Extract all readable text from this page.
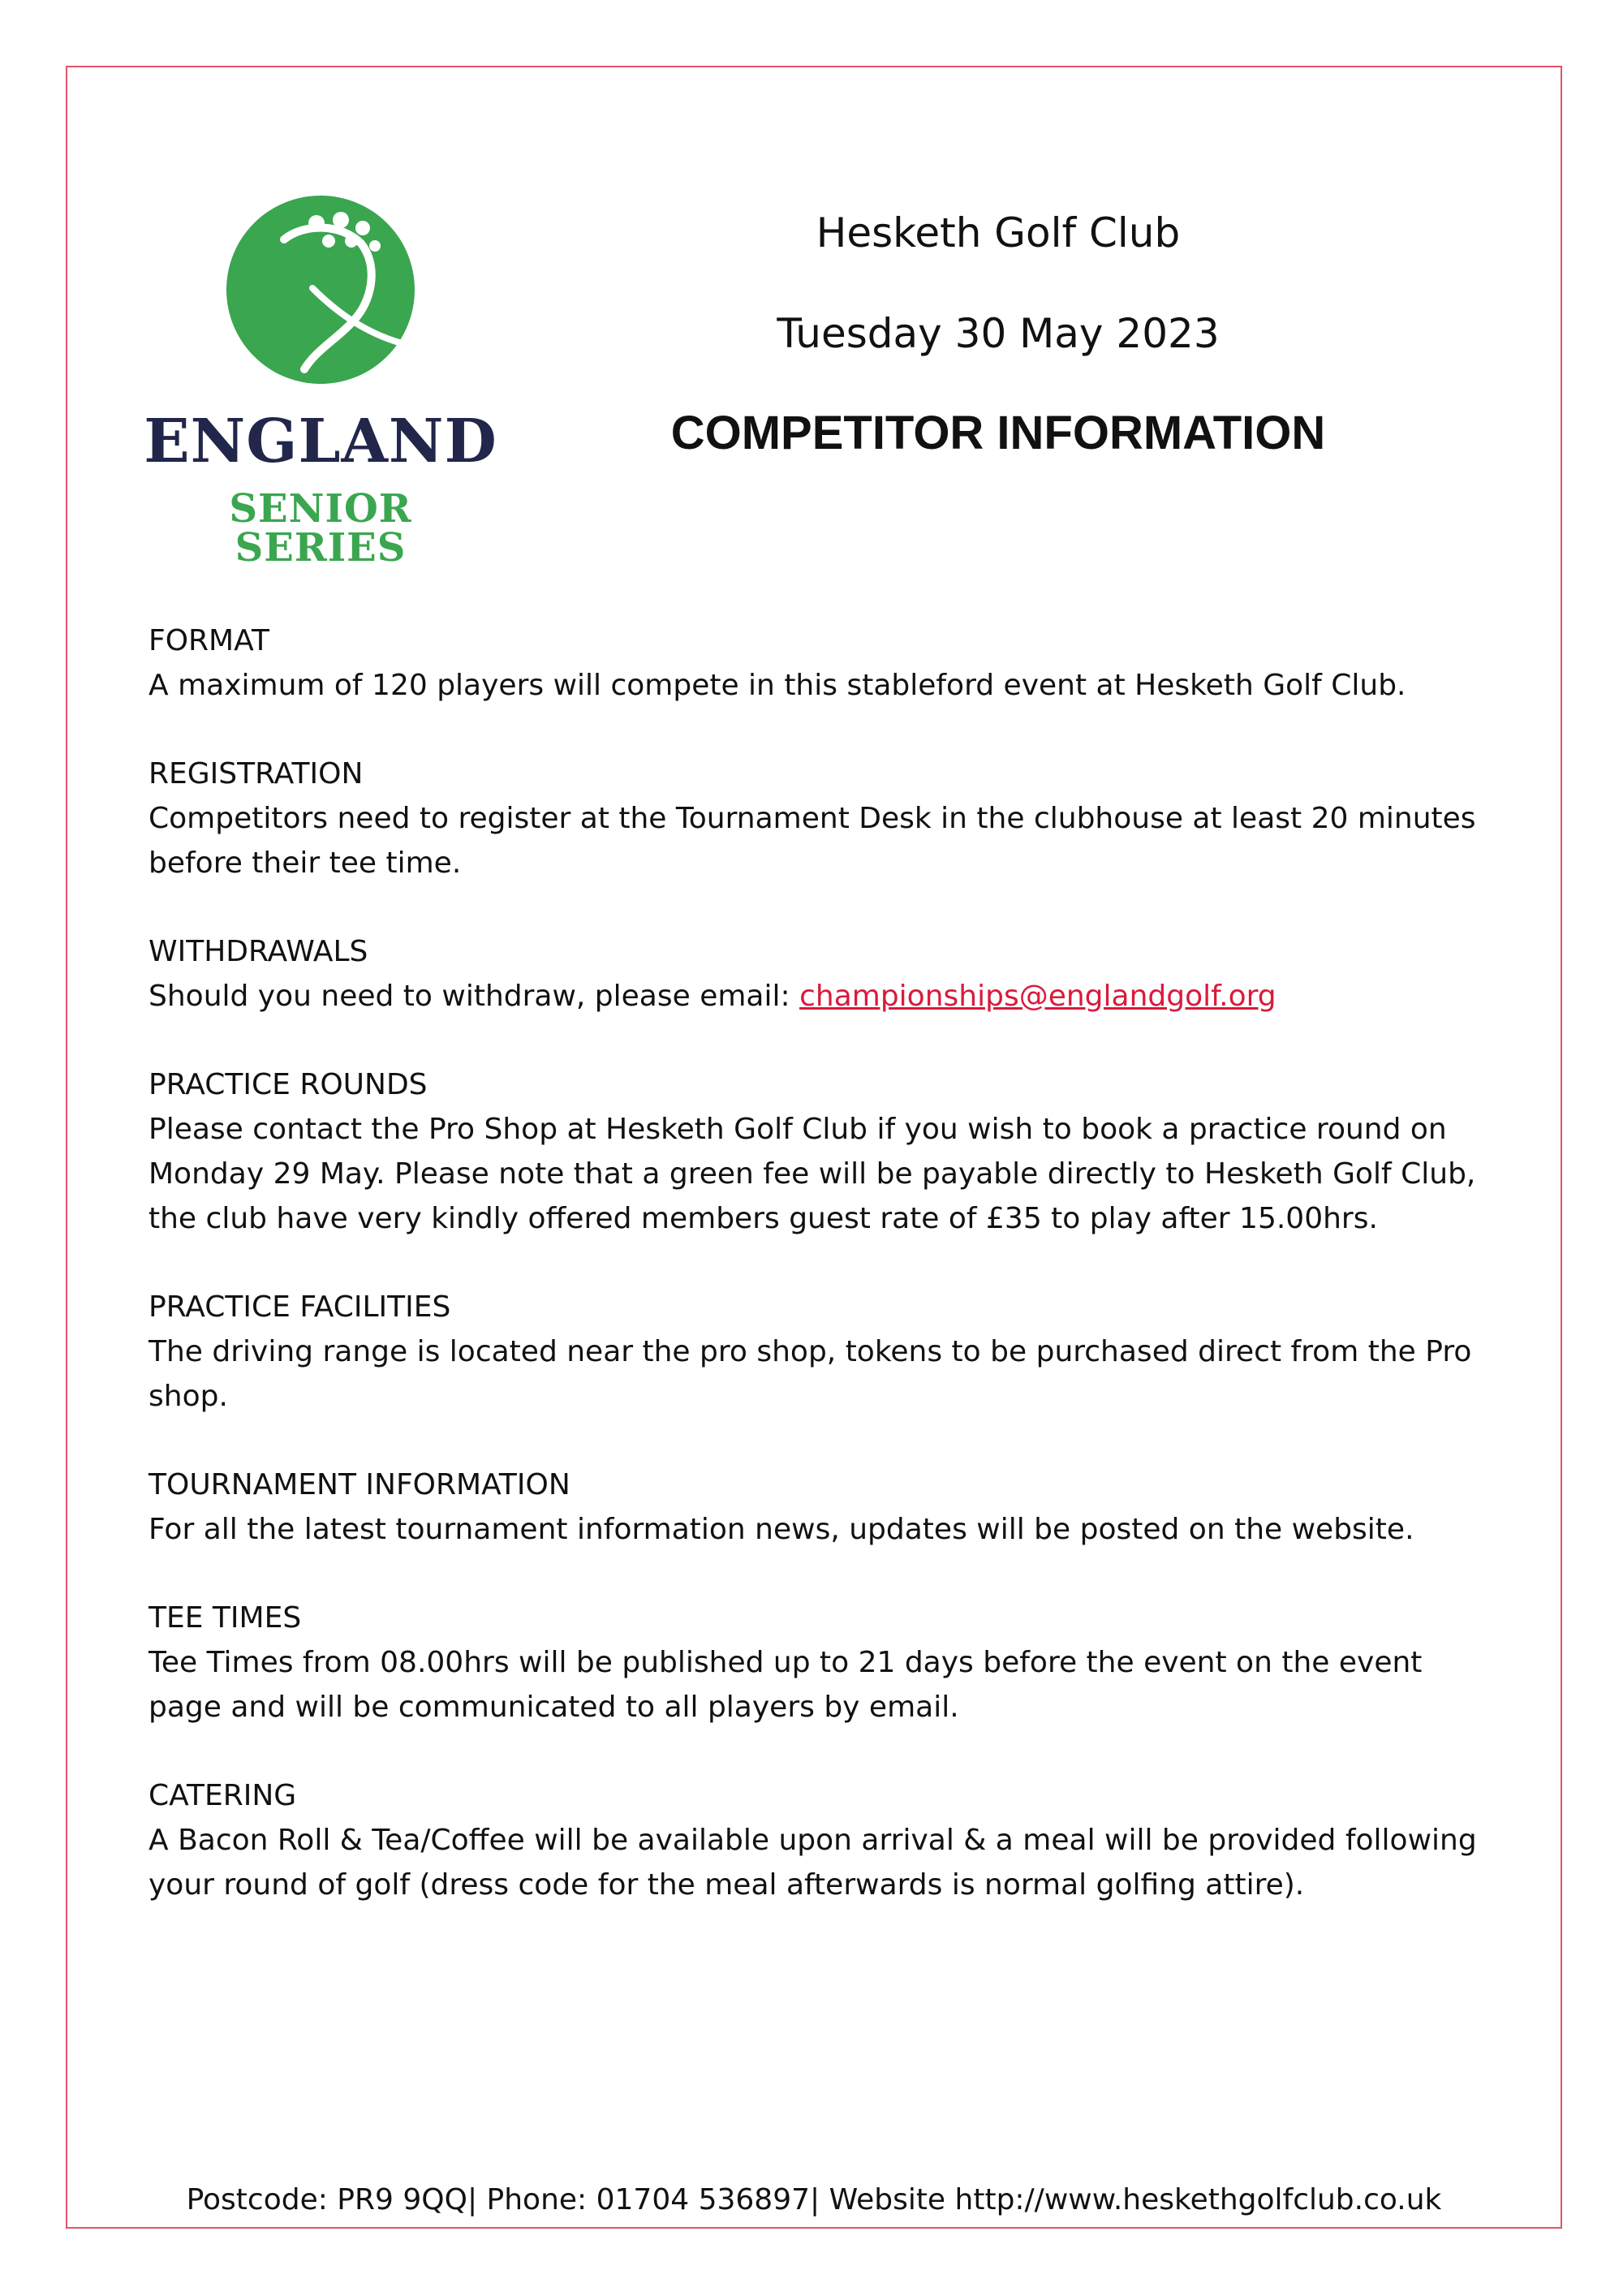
ENGLAND
SENIOR SERIES
Hesketh Golf Club
Tuesday 30 May 2023
COMPETITOR INFORMATION
FORMAT
A maximum of 120 players will compete in this stableford event at Hesketh Golf Club.
REGISTRATION
Competitors need to register at the Tournament Desk in the clubhouse at least 20 minutes before their tee time.
WITHDRAWALS
Should you need to withdraw, please email: championships@englandgolf.org
PRACTICE ROUNDS
Please contact the Pro Shop at Hesketh Golf Club if you wish to book a practice round on Monday 29 May. Please note that a green fee will be payable directly to Hesketh Golf Club, the club have very kindly offered members guest rate of £35 to play after 15.00hrs.
PRACTICE FACILITIES
The driving range is located near the pro shop, tokens to be purchased direct from the Pro shop.
TOURNAMENT INFORMATION
For all the latest tournament information news, updates will be posted on the website.
TEE TIMES
Tee Times from 08.00hrs will be published up to 21 days before the event on the event page and will be communicated to all players by email.
CATERING
A Bacon Roll & Tea/Coffee will be available upon arrival & a meal will be provided following your round of golf (dress code for the meal afterwards is normal golfing attire).
Postcode: PR9 9QQ| Phone: 01704 536897| Website http://www.heskethgolfclub.co.uk
